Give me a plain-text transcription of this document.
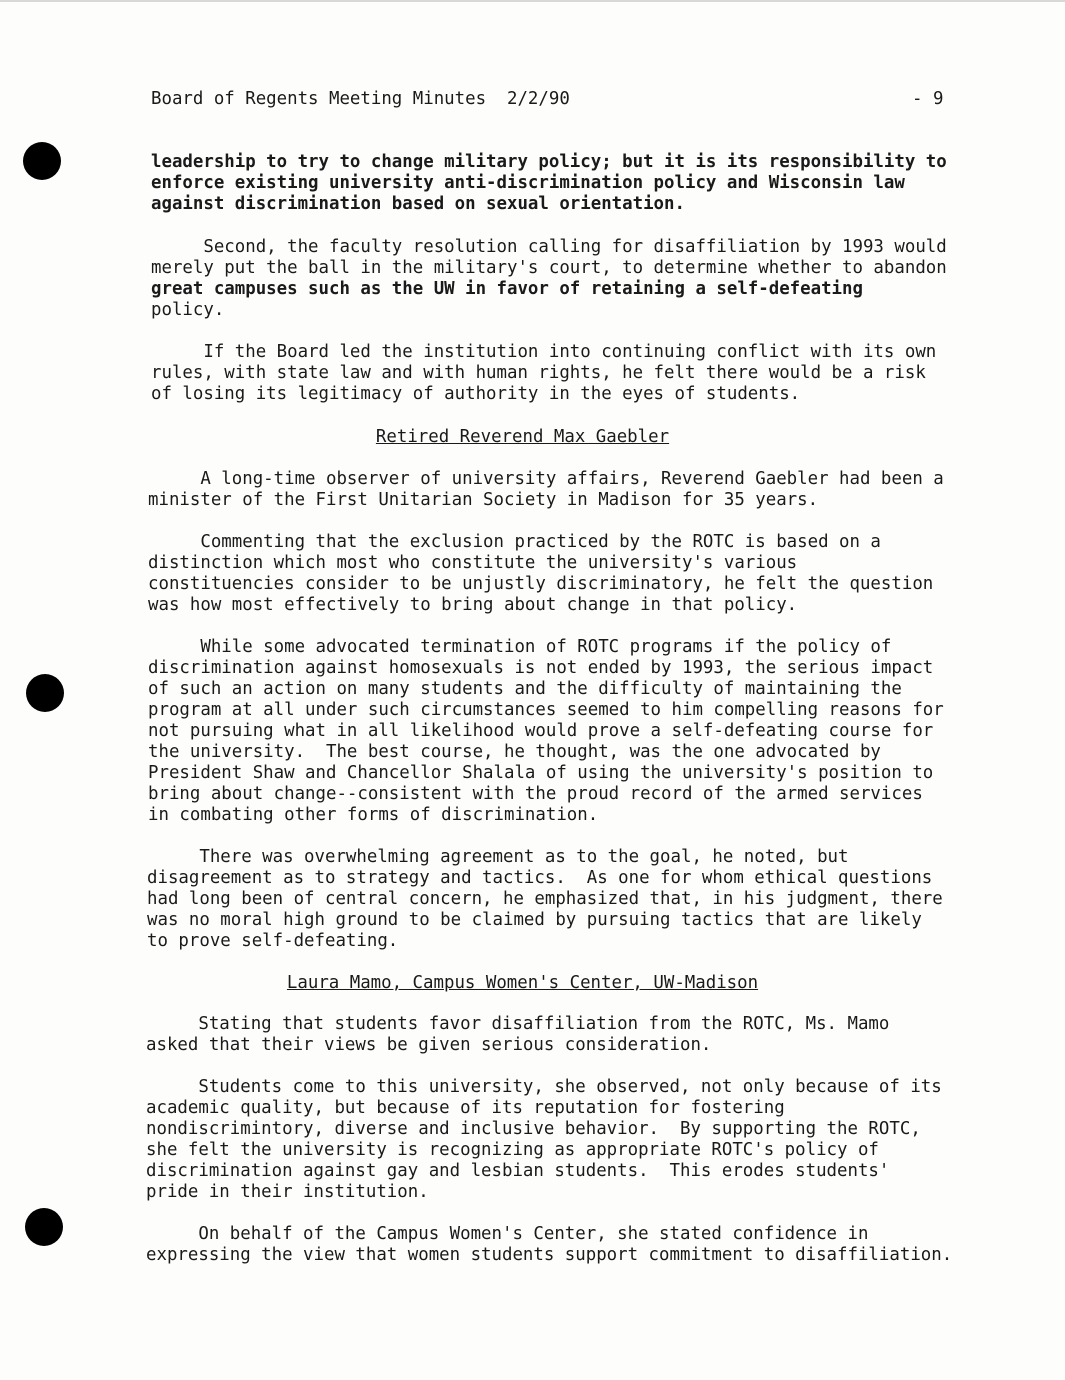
Board of Regents Meeting Minutes  2/2/90	- 9
leadership to try to change military policy; but it is its responsibility to
enforce existing university anti-discrimination policy and Wisconsin law
against discrimination based on sexual orientation.
Second, the faculty resolution calling for disaffiliation by 1993 would
merely put the ball in the military's court, to determine whether to abandon
great campuses such as the UW in favor of retaining a self-defeating
policy.
If the Board led the institution into continuing conflict with its own
rules, with state law and with human rights, he felt there would be a risk
of losing its legitimacy of authority in the eyes of students.
Retired Reverend Max Gaebler
A long-time observer of university affairs, Reverend Gaebler had been a
minister of the First Unitarian Society in Madison for 35 years.
Commenting that the exclusion practiced by the ROTC is based on a
distinction which most who constitute the university's various
constituencies consider to be unjustly discriminatory, he felt the question
was how most effectively to bring about change in that policy.
While some advocated termination of ROTC programs if the policy of
discrimination against homosexuals is not ended by 1993, the serious impact
of such an action on many students and the difficulty of maintaining the
program at all under such circumstances seemed to him compelling reasons for
not pursuing what in all likelihood would prove a self-defeating course for
the university.  The best course, he thought, was the one advocated by
President Shaw and Chancellor Shalala of using the university's position to
bring about change--consistent with the proud record of the armed services
in combating other forms of discrimination.
There was overwhelming agreement as to the goal, he noted, but
disagreement as to strategy and tactics.  As one for whom ethical questions
had long been of central concern, he emphasized that, in his judgment, there
was no moral high ground to be claimed by pursuing tactics that are likely
to prove self-defeating.
Laura Mamo, Campus Women's Center, UW-Madison
Stating that students favor disaffiliation from the ROTC, Ms. Mamo
asked that their views be given serious consideration.
Students come to this university, she observed, not only because of its
academic quality, but because of its reputation for fostering
nondiscrimintory, diverse and inclusive behavior.  By supporting the ROTC,
she felt the university is recognizing as appropriate ROTC's policy of
discrimination against gay and lesbian students.  This erodes students'
pride in their institution.
On behalf of the Campus Women's Center, she stated confidence in
expressing the view that women students support commitment to disaffiliation.
